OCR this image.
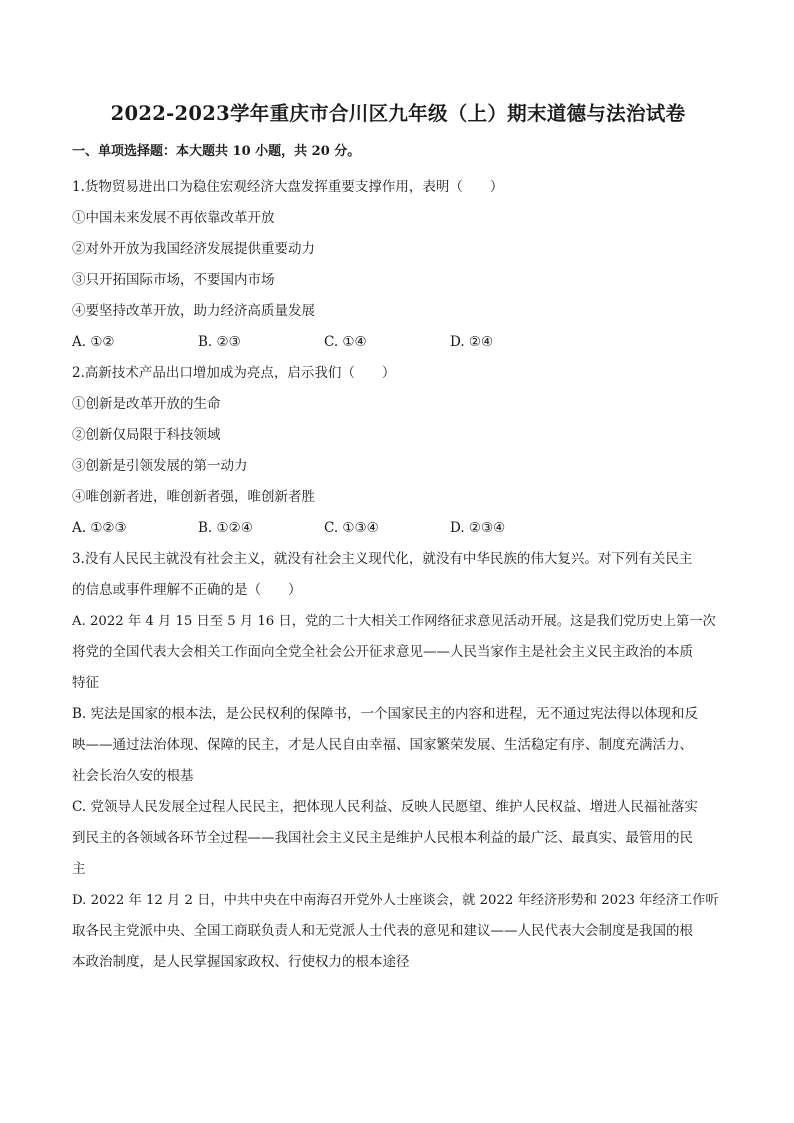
2022-2023学年重庆市合川区九年级（上）期末道德与法治试卷
一、单项选择题：本大题共 10 小题，共 20 分。
1.货物贸易进出口为稳住宏观经济大盘发挥重要支撑作用，表明（　　）
①中国未来发展不再依靠改革开放
②对外开放为我国经济发展提供重要动力
③只开拓国际市场，不要国内市场
④要坚持改革开放，助力经济高质量发展
A. ①②	B. ②③	C. ①④	D. ②④
2.高新技术产品出口增加成为亮点，启示我们（　　）
①创新是改革开放的生命
②创新仅局限于科技领域
③创新是引领发展的第一动力
④唯创新者进，唯创新者强，唯创新者胜
A. ①②③	B. ①②④	C. ①③④	D. ②③④
3.没有人民民主就没有社会主义，就没有社会主义现代化，就没有中华民族的伟大复兴。对下列有关民主
的信息或事件理解不正确的是（　　）
A. 2022 年 4 月 15 日至 5 月 16 日，党的二十大相关工作网络征求意见活动开展。这是我们党历史上第一次
将党的全国代表大会相关工作面向全党全社会公开征求意见——人民当家作主是社会主义民主政治的本质
特征
B. 宪法是国家的根本法，是公民权利的保障书，一个国家民主的内容和进程，无不通过宪法得以体现和反
映——通过法治体现、保障的民主，才是人民自由幸福、国家繁荣发展、生活稳定有序、制度充满活力、
社会长治久安的根基
C. 党领导人民发展全过程人民民主，把体现人民利益、反映人民愿望、维护人民权益、增进人民福祉落实
到民主的各领域各环节全过程——我国社会主义民主是维护人民根本利益的最广泛、最真实、最管用的民
主
D. 2022 年 12 月 2 日，中共中央在中南海召开党外人士座谈会，就 2022 年经济形势和 2023 年经济工作听
取各民主党派中央、全国工商联负责人和无党派人士代表的意见和建议——人民代表大会制度是我国的根
本政治制度，是人民掌握国家政权、行使权力的根本途径
